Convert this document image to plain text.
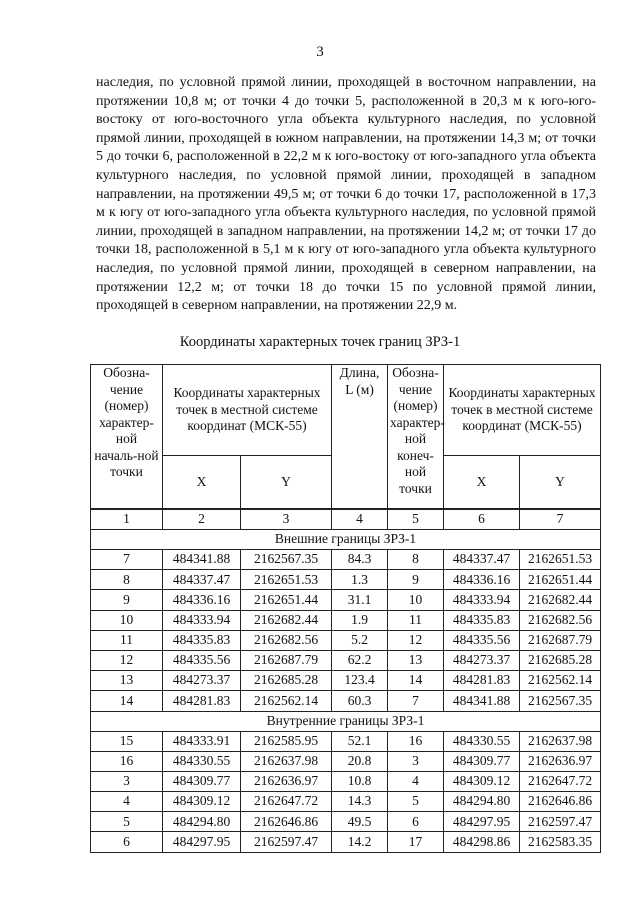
3

наследия, по условной прямой линии, проходящей в восточном направлении, на протяжении 10,8 м; от точки 4 до точки 5, расположенной в 20,3 м к юго-юго-востоку от юго-восточного угла объекта культурного наследия, по условной прямой линии, проходящей в южном направлении, на протяжении 14,3 м; от точки 5 до точки 6, расположенной в 22,2 м к юго-востоку от юго-западного угла объекта культурного наследия, по условной прямой линии, проходящей в западном направлении, на протяжении 49,5 м; от точки 6 до точки 17, расположенной в 17,3 м к югу от юго-западного угла объекта культурного наследия, по условной прямой линии, проходящей в западном направлении, на протяжении 14,2 м; от точки 17 до точки 18, расположенной в 5,1 м к югу от юго-западного угла объекта культурного наследия, по условной прямой линии, проходящей в северном направлении, на протяжении 12,2 м; от точки 18 до точки 15 по условной прямой линии, проходящей в северном направлении, на протяжении 22,9 м.

Координаты характерных точек границ ЗРЗ-1
Обозна-чение (номер) характер-ной началь-ной точки	Координаты характерных точек в местной системе координат (МСК-55)		Длина, L (м)	Обозна-чение (номер) характер-ной конеч-ной точки	Координаты характерных точек в местной системе координат (МСК-55)	
	X	Y			X	Y
1	2	3	4	5	6	7
Внешние границы ЗРЗ-1						
7	484341.88	2162567.35	84.3	8	484337.47	2162651.53
8	484337.47	2162651.53	1.3	9	484336.16	2162651.44
9	484336.16	2162651.44	31.1	10	484333.94	2162682.44
10	484333.94	2162682.44	1.9	11	484335.83	2162682.56
11	484335.83	2162682.56	5.2	12	484335.56	2162687.79
12	484335.56	2162687.79	62.2	13	484273.37	2162685.28
13	484273.37	2162685.28	123.4	14	484281.83	2162562.14
14	484281.83	2162562.14	60.3	7	484341.88	2162567.35
Внутренние границы ЗРЗ-1						
15	484333.91	2162585.95	52.1	16	484330.55	2162637.98
16	484330.55	2162637.98	20.8	3	484309.77	2162636.97
3	484309.77	2162636.97	10.8	4	484309.12	2162647.72
4	484309.12	2162647.72	14.3	5	484294.80	2162646.86
5	484294.80	2162646.86	49.5	6	484297.95	2162597.47
6	484297.95	2162597.47	14.2	17	484298.86	2162583.35
